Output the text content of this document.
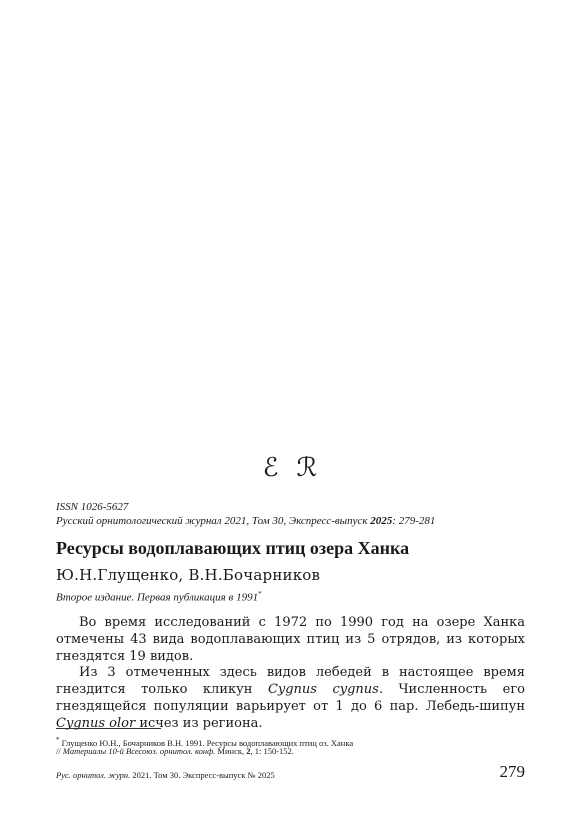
ℰ ℛ
ISSN 1026-5627
Русский орнитологический журнал 2021, Том 30, Экспресс-выпуск 2025: 279-281
Ресурсы водоплавающих птиц озера Ханка
Ю.Н.Глущенко, В.Н.Бочарников
Второе издание. Первая публикация в 1991*
Во время исследований с 1972 по 1990 год на озере Ханка отмечены 43 вида водоплавающих птиц из 5 отрядов, из которых гнездятся 19 видов.
Из 3 отмеченных здесь видов лебедей в настоящее время гнездится только кликун Cygnus cygnus. Численность его гнездящейся популяции варьирует от 1 до 6 пар. Лебедь-шипун Cygnus olor исчез из региона.
* Глущенко Ю.Н., Бочарников В.Н. 1991. Ресурсы водоплавающих птиц оз. Ханка
// Материалы 10-й Всесоюз. орнитол. конф. Минск, 2, 1: 150-152.
Рус. орнитол. журн. 2021. Том 30. Экспресс-выпуск № 2025	279
